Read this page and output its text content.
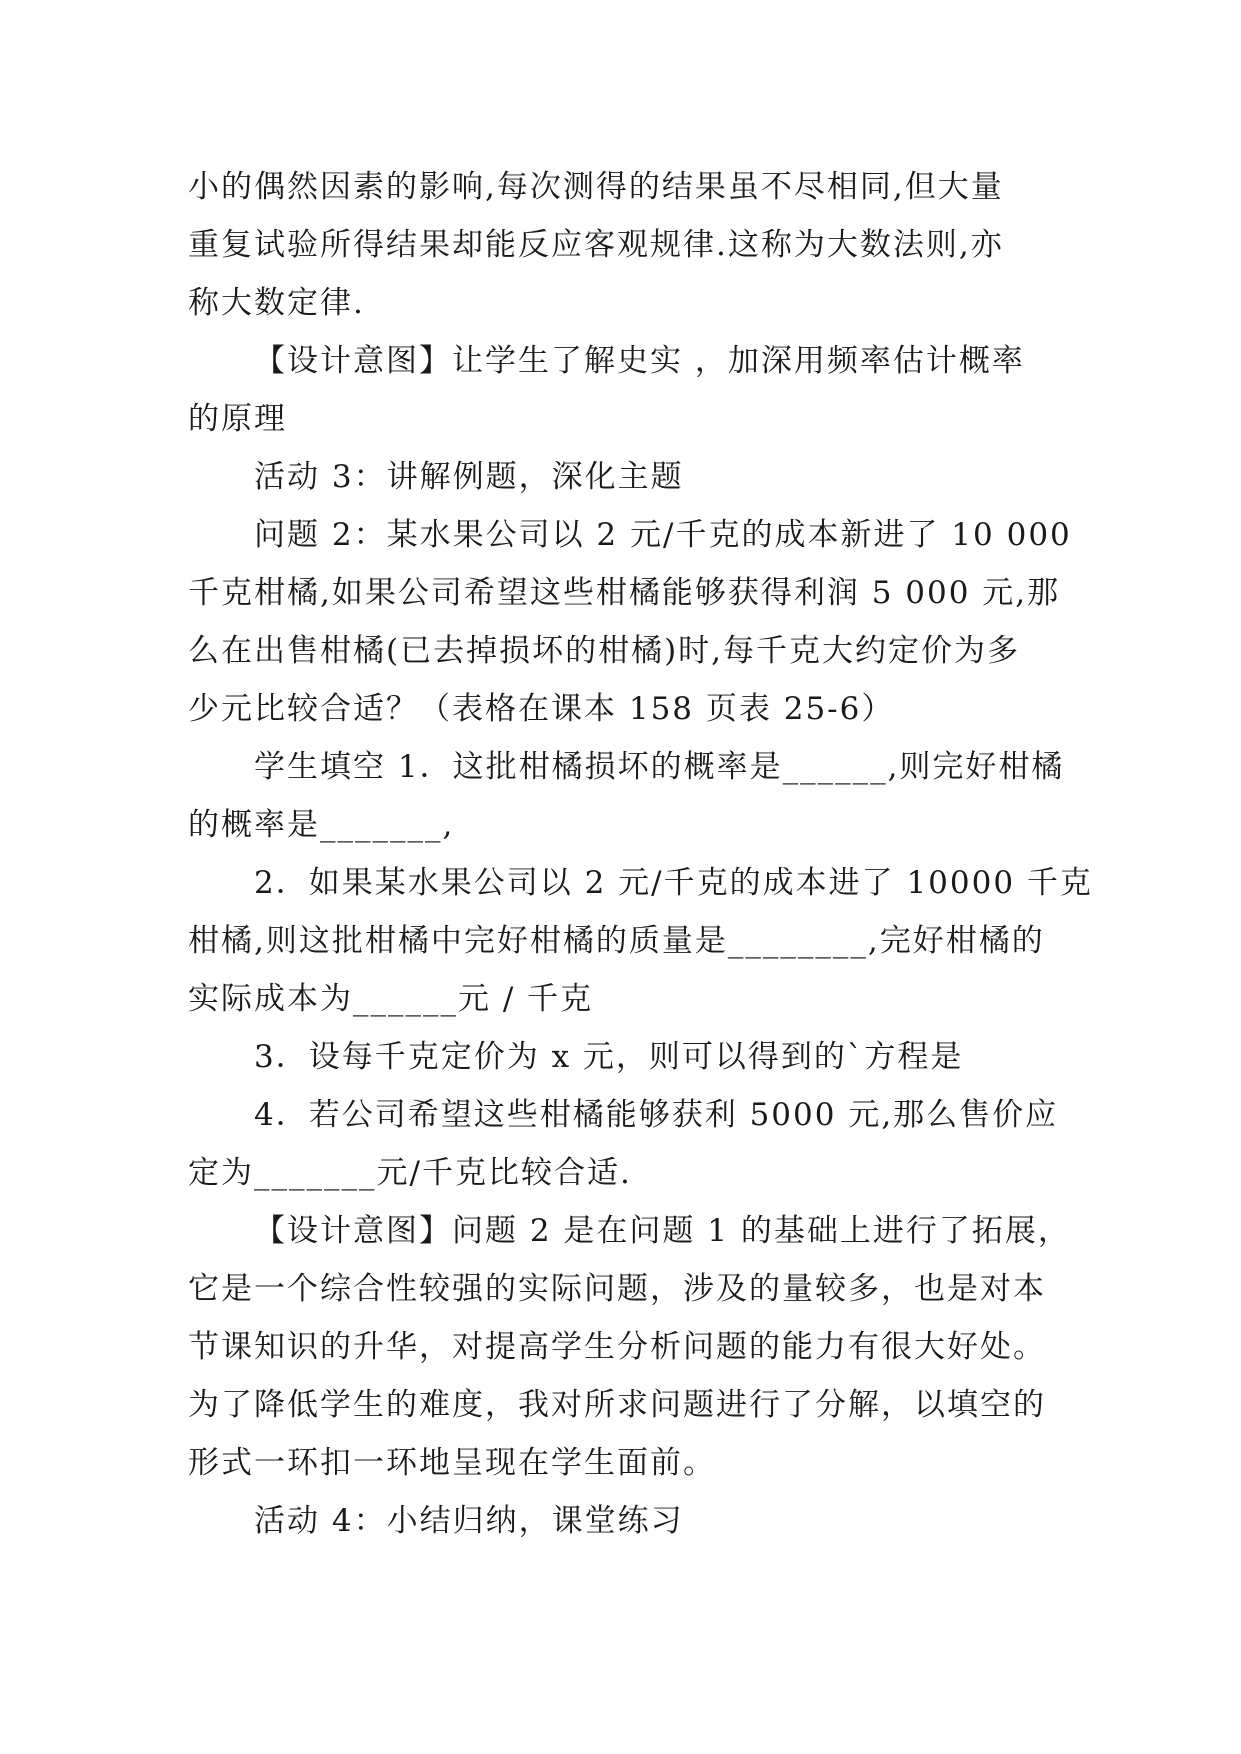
小的偶然因素的影响,每次测得的结果虽不尽相同,但大量
重复试验所得结果却能反应客观规律.这称为大数法则,亦
称大数定律.
【设计意图】让学生了解史实 ，加深用频率估计概率
的原理
活动 3：讲解例题，深化主题
问题 2：某水果公司以 2 元/千克的成本新进了 10 000
千克柑橘,如果公司希望这些柑橘能够获得利润 5 000 元,那
么在出售柑橘(已去掉损坏的柑橘)时,每千克大约定价为多
少元比较合适？（表格在课本 158 页表 25-6）
学生填空 1．这批柑橘损坏的概率是______,则完好柑橘
的概率是_______,
2．如果某水果公司以 2 元/千克的成本进了 10000 千克
柑橘,则这批柑橘中完好柑橘的质量是________,完好柑橘的
实际成本为______元 / 千克
3．设每千克定价为 x 元，则可以得到的`方程是
4．若公司希望这些柑橘能够获利 5000 元,那么售价应
定为_______元/千克比较合适.
【设计意图】问题 2 是在问题 1 的基础上进行了拓展，
它是一个综合性较强的实际问题，涉及的量较多，也是对本
节课知识的升华，对提高学生分析问题的能力有很大好处。
为了降低学生的难度，我对所求问题进行了分解，以填空的
形式一环扣一环地呈现在学生面前。
活动 4：小结归纳，课堂练习
